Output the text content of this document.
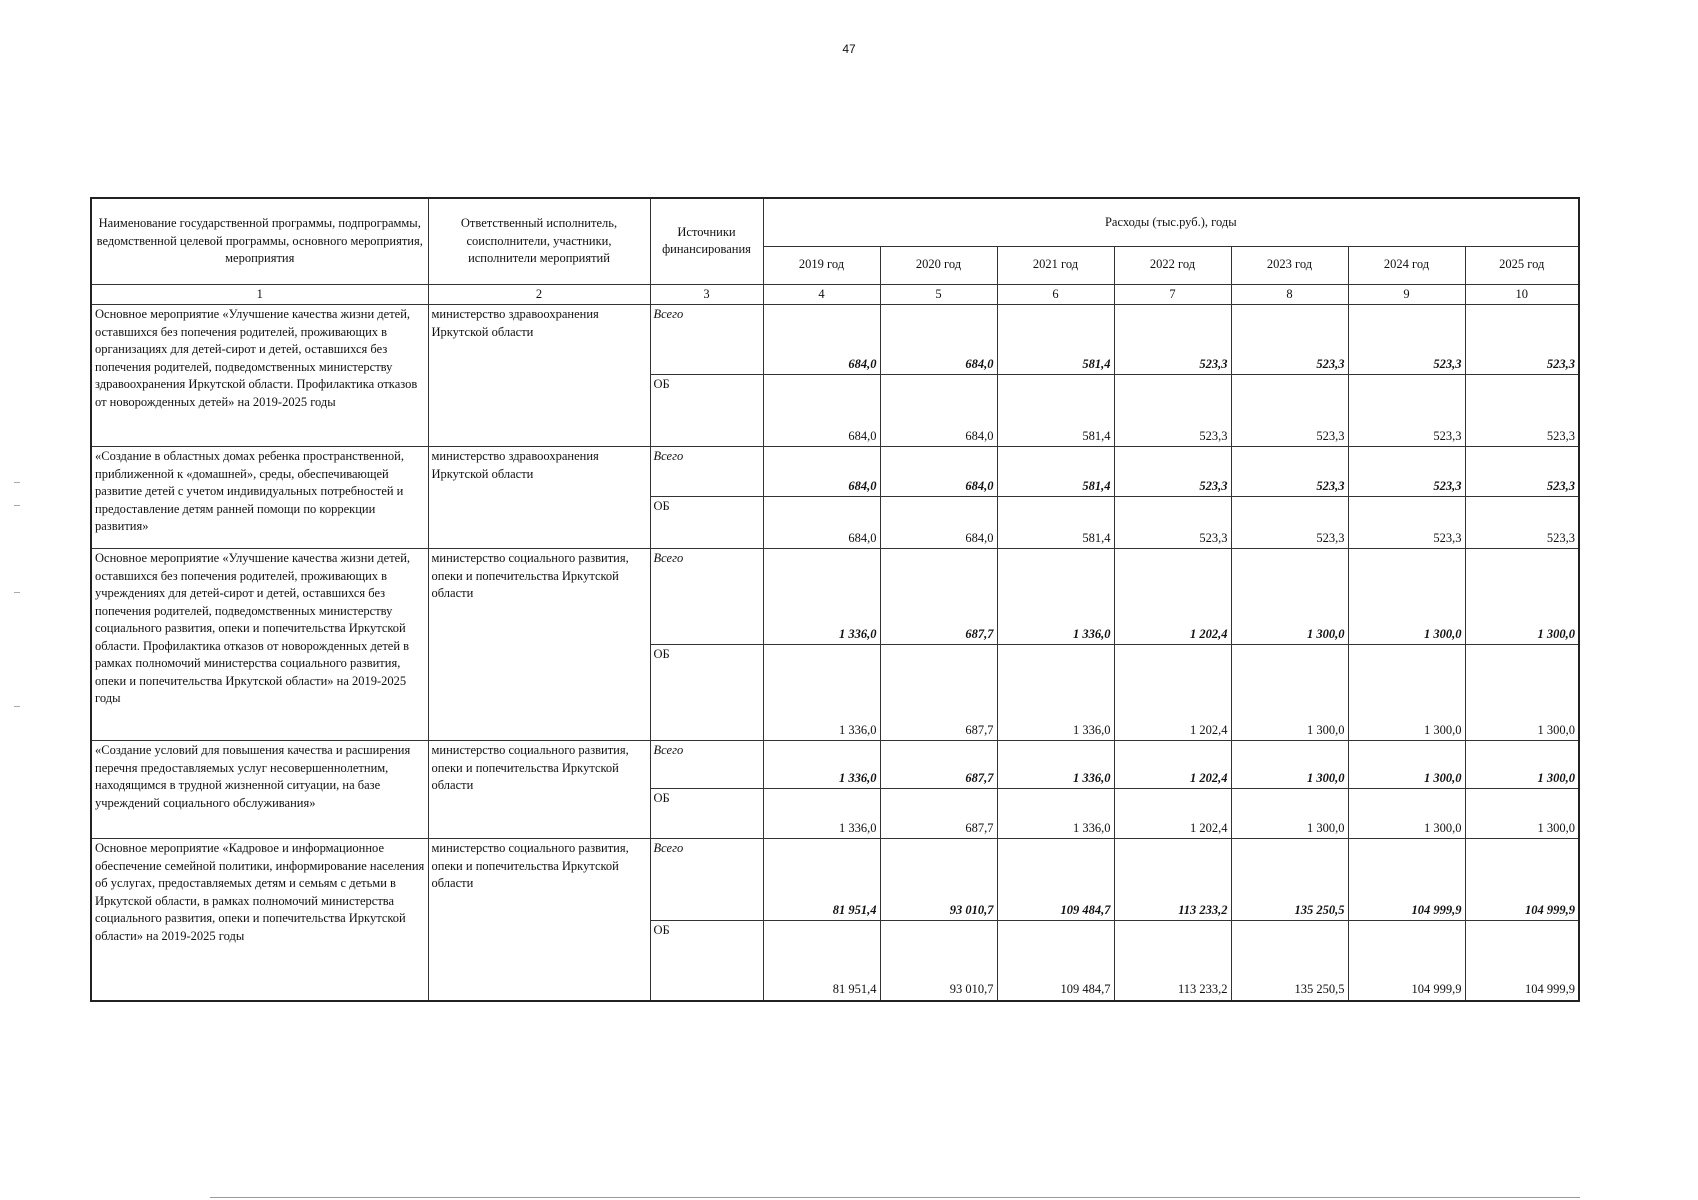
47
Наименование государственной программы, подпрограммы, ведомственной целевой программы, основного мероприятия, мероприятия	Ответственный исполнитель, соисполнители, участники, исполнители мероприятий	Источники финансирования	Расходы (тыс.руб.), годы						
			2019 год	2020 год	2021 год	2022 год	2023 год	2024 год	2025 год
1	2	3	4	5	6	7	8	9	10
Основное мероприятие «Улучшение качества жизни детей, оставшихся без попечения родителей, проживающих в организациях для детей-сирот и детей, оставшихся без попечения родителей, подведомственных министерству здравоохранения Иркутской области. Профилактика отказов от новорожденных детей» на 2019-2025 годы	министерство здравоохранения Иркутской области	Всего	684,0	684,0	581,4	523,3	523,3	523,3	523,3
		ОБ	684,0	684,0	581,4	523,3	523,3	523,3	523,3
«Создание в областных домах ребенка пространственной, приближенной к «домашней», среды, обеспечивающей развитие детей с учетом индивидуальных потребностей и предоставление детям ранней помощи по коррекции развития»	министерство здравоохранения Иркутской области	Всего	684,0	684,0	581,4	523,3	523,3	523,3	523,3
		ОБ	684,0	684,0	581,4	523,3	523,3	523,3	523,3
Основное мероприятие «Улучшение качества жизни детей, оставшихся без попечения родителей, проживающих в учреждениях для детей-сирот и детей, оставшихся без попечения родителей, подведомственных министерству социального развития, опеки и попечительства Иркутской области. Профилактика отказов от новорожденных детей в рамках полномочий министерства социального развития, опеки и попечительства Иркутской области» на 2019-2025 годы	министерство социального развития, опеки и попечительства Иркутской области	Всего	1 336,0	687,7	1 336,0	1 202,4	1 300,0	1 300,0	1 300,0
		ОБ	1 336,0	687,7	1 336,0	1 202,4	1 300,0	1 300,0	1 300,0
«Создание условий для повышения качества и расширения перечня предоставляемых услуг несовершеннолетним, находящимся в трудной жизненной ситуации, на базе учреждений социального обслуживания»	министерство социального развития, опеки и попечительства Иркутской области	Всего	1 336,0	687,7	1 336,0	1 202,4	1 300,0	1 300,0	1 300,0
		ОБ	1 336,0	687,7	1 336,0	1 202,4	1 300,0	1 300,0	1 300,0
Основное мероприятие «Кадровое и информационное обеспечение семейной политики, информирование населения об услугах, предоставляемых детям и семьям с детьми в Иркутской области, в рамках полномочий министерства социального развития, опеки и попечительства Иркутской области» на 2019-2025 годы	министерство социального развития, опеки и попечительства Иркутской области	Всего	81 951,4	93 010,7	109 484,7	113 233,2	135 250,5	104 999,9	104 999,9
		ОБ	81 951,4	93 010,7	109 484,7	113 233,2	135 250,5	104 999,9	104 999,9
